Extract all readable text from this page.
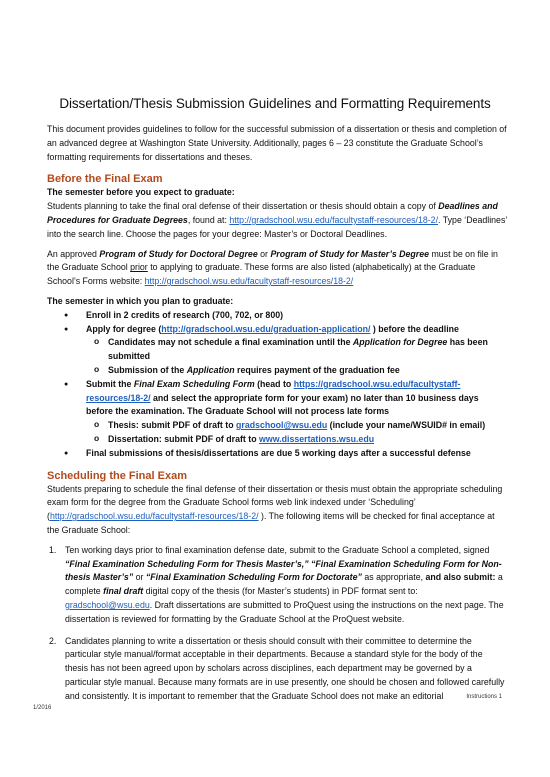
Dissertation/Thesis Submission Guidelines and Formatting Requirements

This document provides guidelines to follow for the successful submission of a dissertation or thesis and completion of an advanced degree at Washington State University. Additionally, pages 6 – 23 constitute the Graduate School’s formatting requirements for dissertations and theses.

Before the Final Exam
The semester before you expect to graduate:

Students planning to take the final oral defense of their dissertation or thesis should obtain a copy of Deadlines and Procedures for Graduate Degrees, found at: http://gradschool.wsu.edu/facultystaff-resources/18-2/. Type ‘Deadlines’ into the search line. Choose the pages for your degree: Master’s or Doctoral Deadlines.

An approved Program of Study for Doctoral Degree or Program of Study for Master’s Degree must be on file in the Graduate School prior to applying to graduate. These forms are also listed (alphabetically) at the Graduate School’s Forms website: http://gradschool.wsu.edu/facultystaff-resources/18-2/

The semester in which you plan to graduate:
● Enroll in 2 credits of research (700, 702, or 800)
● Apply for degree (http://gradschool.wsu.edu/graduation-application/ ) before the deadline
o Candidates may not schedule a final examination until the Application for Degree has been submitted
o Submission of the Application requires payment of the graduation fee
● Submit the Final Exam Scheduling Form (head to https://gradschool.wsu.edu/facultystaff-resources/18-2/ and select the appropriate form for your exam) no later than 10 business days before the examination. The Graduate School will not process late forms
o Thesis: submit PDF of draft to gradschool@wsu.edu (include your name/WSUID# in email)
o Dissertation: submit PDF of draft to www.dissertations.wsu.edu
● Final submissions of thesis/dissertations are due 5 working days after a successful defense
Scheduling the Final Exam

Students preparing to schedule the final defense of their dissertation or thesis must obtain the appropriate scheduling exam form for the degree from the Graduate School forms web link indexed under ‘Scheduling’ (http://gradschool.wsu.edu/facultystaff-resources/18-2/ ). The following items will be checked for final acceptance at the Graduate School:

1. Ten working days prior to final examination defense date, submit to the Graduate School a completed, signed “Final Examination Scheduling Form for Thesis Master’s,” “Final Examination Scheduling Form for Non-thesis Master’s” or “Final Examination Scheduling Form for Doctorate” as appropriate, and also submit: a complete final draft digital copy of the thesis (for Master’s students) in PDF format sent to: gradschool@wsu.edu. Draft dissertations are submitted to ProQuest using the instructions on the next page. The dissertation is reviewed for formatting by the Graduate School at the ProQuest website.
2. Candidates planning to write a dissertation or thesis should consult with their committee to determine the particular style manual/format acceptable in their departments. Because a standard style for the body of the thesis has not been agreed upon by scholars across disciplines, each department may be governed by a particular style manual. Because many formats are in use presently, one should be chosen and followed carefully and consistently. It is important to remember that the Graduate School does not make an editorial	Instructions 1
1/2016
